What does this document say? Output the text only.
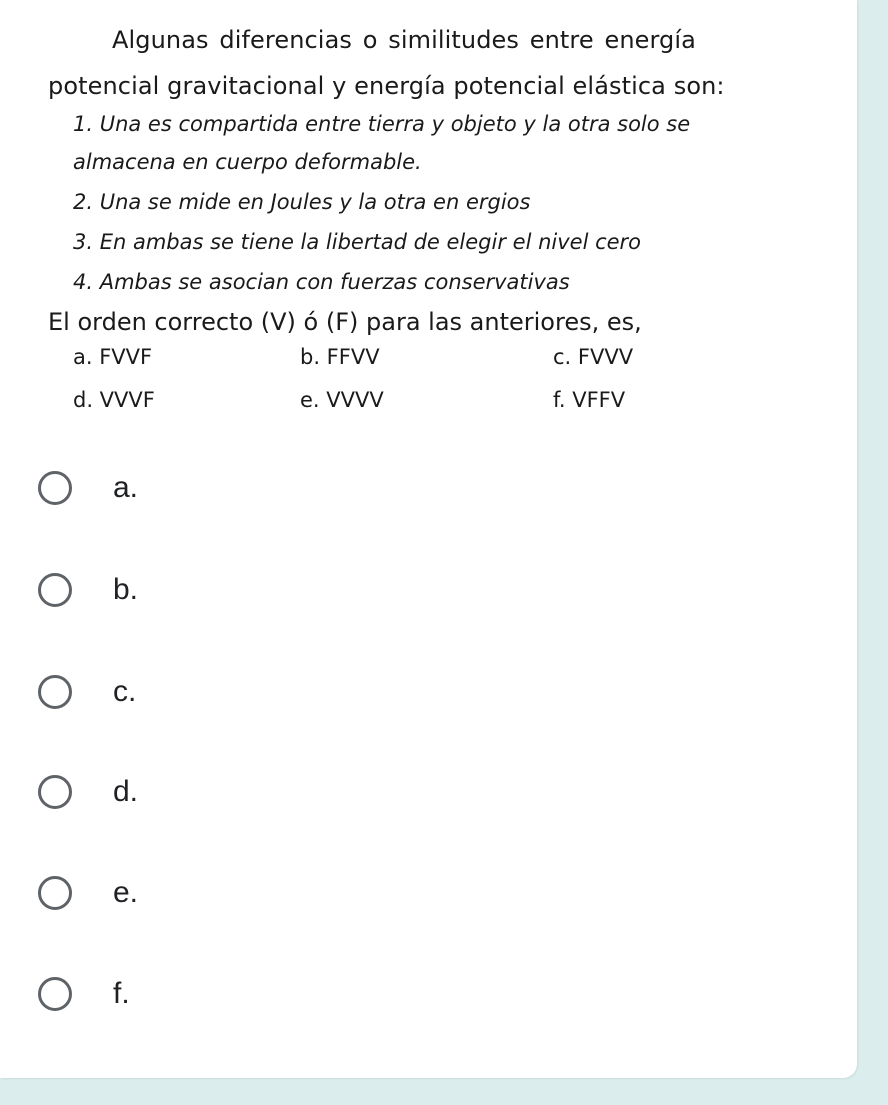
Algunas diferencias o similitudes entre energía
potencial gravitacional y energía potencial elástica son:
1. Una es compartida entre tierra y objeto y la otra solo se
almacena en cuerpo deformable.
2. Una se mide en Joules y la otra en ergios
3. En ambas se tiene la libertad de elegir el nivel cero
4. Ambas se asocian con fuerzas conservativas
El orden correcto (V) ó (F) para las anteriores, es,
a. FVVF	b. FFVV	c. FVVV
d. VVVF	e. VVVV	f. VFFV
a.
b.
c.
d.
e.
f.
